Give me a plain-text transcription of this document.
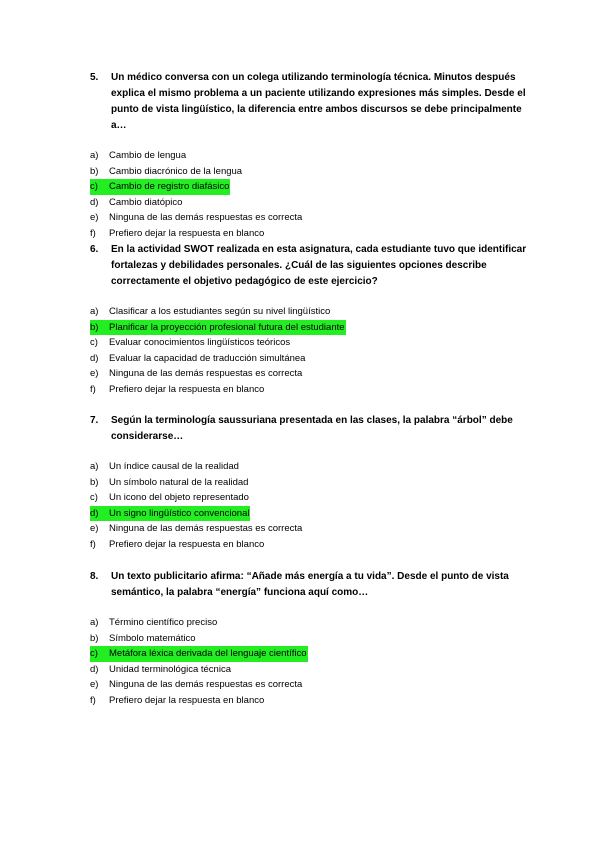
5.	Un médico conversa con un colega utilizando terminología técnica. Minutos después explica el mismo problema a un paciente utilizando expresiones más simples. Desde el punto de vista lingüístico, la diferencia entre ambos discursos se debe principalmente a…
a)	Cambio de lengua
b)	Cambio diacrónico de la lengua
c)	Cambio de registro diafásico
d)	Cambio diatópico
e)	Ninguna de las demás respuestas es correcta
f)	Prefiero dejar la respuesta en blanco
6.	En la actividad SWOT realizada en esta asignatura, cada estudiante tuvo que identificar fortalezas y debilidades personales. ¿Cuál de las siguientes opciones describe correctamente el objetivo pedagógico de este ejercicio?
a)	Clasificar a los estudiantes según su nivel lingüístico
b)	Planificar la proyección profesional futura del estudiante
c)	Evaluar conocimientos lingüísticos teóricos
d)	Evaluar la capacidad de traducción simultánea
e)	Ninguna de las demás respuestas es correcta
f)	Prefiero dejar la respuesta en blanco
7.	Según la terminología saussuriana presentada en las clases, la palabra “árbol” debe considerarse…
a)	Un índice causal de la realidad
b)	Un símbolo natural de la realidad
c)	Un icono del objeto representado
d)	Un signo lingüístico convencional
e)	Ninguna de las demás respuestas es correcta
f)	Prefiero dejar la respuesta en blanco
8.	Un texto publicitario afirma: “Añade más energía a tu vida”. Desde el punto de vista semántico, la palabra “energía” funciona aquí como…
a)	Término científico preciso
b)	Símbolo matemático
c)	Metáfora léxica derivada del lenguaje científico
d)	Unidad terminológica técnica
e)	Ninguna de las demás respuestas es correcta
f)	Prefiero dejar la respuesta en blanco
